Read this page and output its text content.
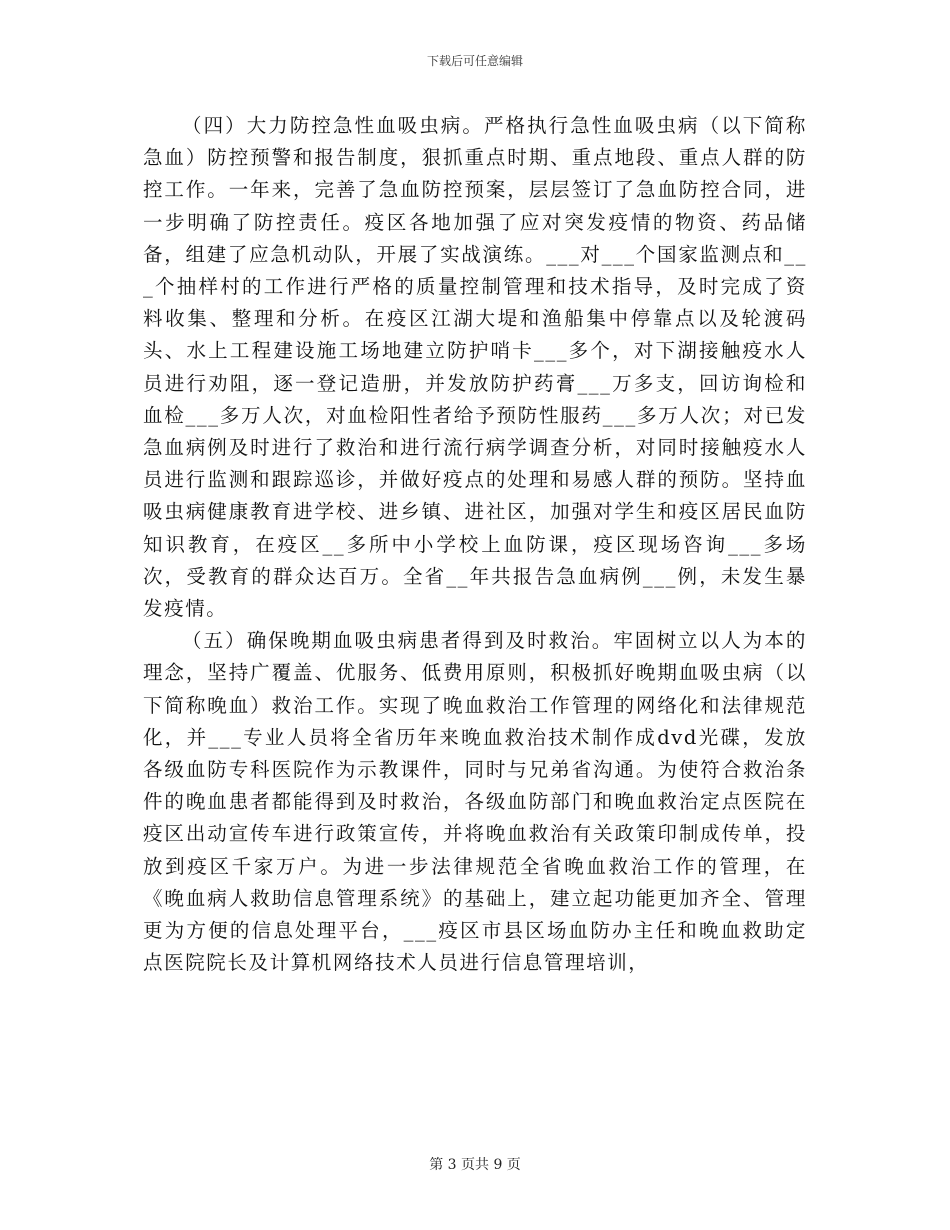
下载后可任意编辑

（四）大力防控急性血吸虫病。严格执行急性血吸虫病（以下简称急血）防控预警和报告制度，狠抓重点时期、重点地段、重点人群的防控工作。一年来，完善了急血防控预案，层层签订了急血防控合同，进一步明确了防控责任。疫区各地加强了应对突发疫情的物资、药品储备，组建了应急机动队，开展了实战演练。___对___个国家监测点和___个抽样村的工作进行严格的质量控制管理和技术指导，及时完成了资料收集、整理和分析。在疫区江湖大堤和渔船集中停靠点以及轮渡码头、水上工程建设施工场地建立防护哨卡___多个，对下湖接触疫水人员进行劝阻，逐一登记造册，并发放防护药膏___万多支，回访询检和血检___多万人次，对血检阳性者给予预防性服药___多万人次；对已发急血病例及时进行了救治和进行流行病学调查分析，对同时接触疫水人员进行监测和跟踪巡诊，并做好疫点的处理和易感人群的预防。坚持血吸虫病健康教育进学校、进乡镇、进社区，加强对学生和疫区居民血防知识教育，在疫区__多所中小学校上血防课，疫区现场咨询___多场次，受教育的群众达百万。全省__年共报告急血病例___例，未发生暴发疫情。

（五）确保晚期血吸虫病患者得到及时救治。牢固树立以人为本的理念，坚持广覆盖、优服务、低费用原则，积极抓好晚期血吸虫病（以下简称晚血）救治工作。实现了晚血救治工作管理的网络化和法律规范化，并___专业人员将全省历年来晚血救治技术制作成dvd光碟，发放各级血防专科医院作为示教课件，同时与兄弟省沟通。为使符合救治条件的晚血患者都能得到及时救治，各级血防部门和晚血救治定点医院在疫区出动宣传车进行政策宣传，并将晚血救治有关政策印制成传单，投放到疫区千家万户。为进一步法律规范全省晚血救治工作的管理，在《晚血病人救助信息管理系统》的基础上，建立起功能更加齐全、管理更为方便的信息处理平台，___疫区市县区场血防办主任和晚血救助定点医院院长及计算机网络技术人员进行信息管理培训，

第 3 页共 9 页
